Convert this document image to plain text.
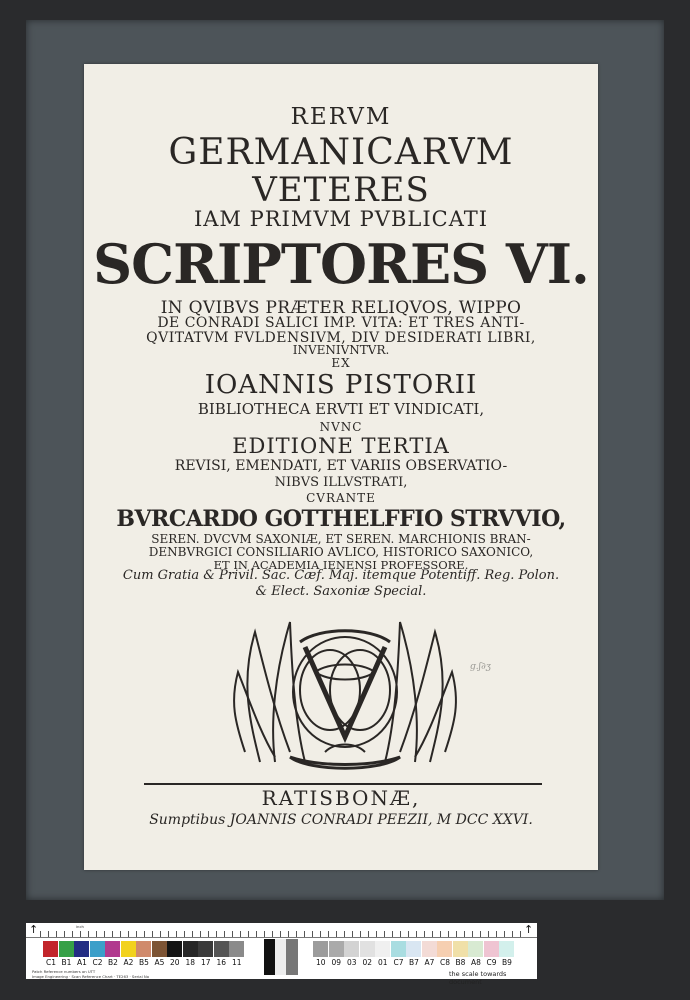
RERVM
GERMANICARVM
VETERES
IAM PRIMVM PVBLICATI
SCRIPTORES VI.
IN QVIBVS PRÆTER RELIQVOS, WIPPO
DE CONRADI SALICI IMP. VITA: ET TRES ANTI-
QVITATVM FVLDENSIVM, DIV DESIDERATI LIBRI,
INVENIVNTVR.
EX
IOANNIS PISTORII
BIBLIOTHECA ERVTI ET VINDICATI,
NVNC
EDITIONE TERTIA
REVISI, EMENDATI, ET VARIIS OBSERVATIO-
NIBVS ILLVSTRATI,
CVRANTE
BVRCARDO GOTTHELFFIO STRVVIO,
SEREN. DVCVM SAXONIÆ, ET SEREN. MARCHIONIS BRAN-
DENBVRGICI CONSILIARIO AVLICO, HISTORICO SAXONICO,
ET IN ACADEMIA IENENSI PROFESSORE.
Cum Gratia & Privil. Sac. Cæf. Maj. itemque Potentiff. Reg. Polon.
& Elect. Saxoniæ Special.
ɡ.ʃ∂ʒ
RATISBONÆ,
Sumptibus JOANNIS CONRADI PEEZII, M DCC XXVI.
↑	↑
inch
C1 B1 A1 C2 B2 A2 B5 A5 20 18 17 16 11	10 09 03 02 01 C7 B7 A7 C8 B8 A8 C9 B9
Patch Reference numbers on UTT
Image Engineering · Scan Reference Chart · TE263 · Serial No	the scale towards document
